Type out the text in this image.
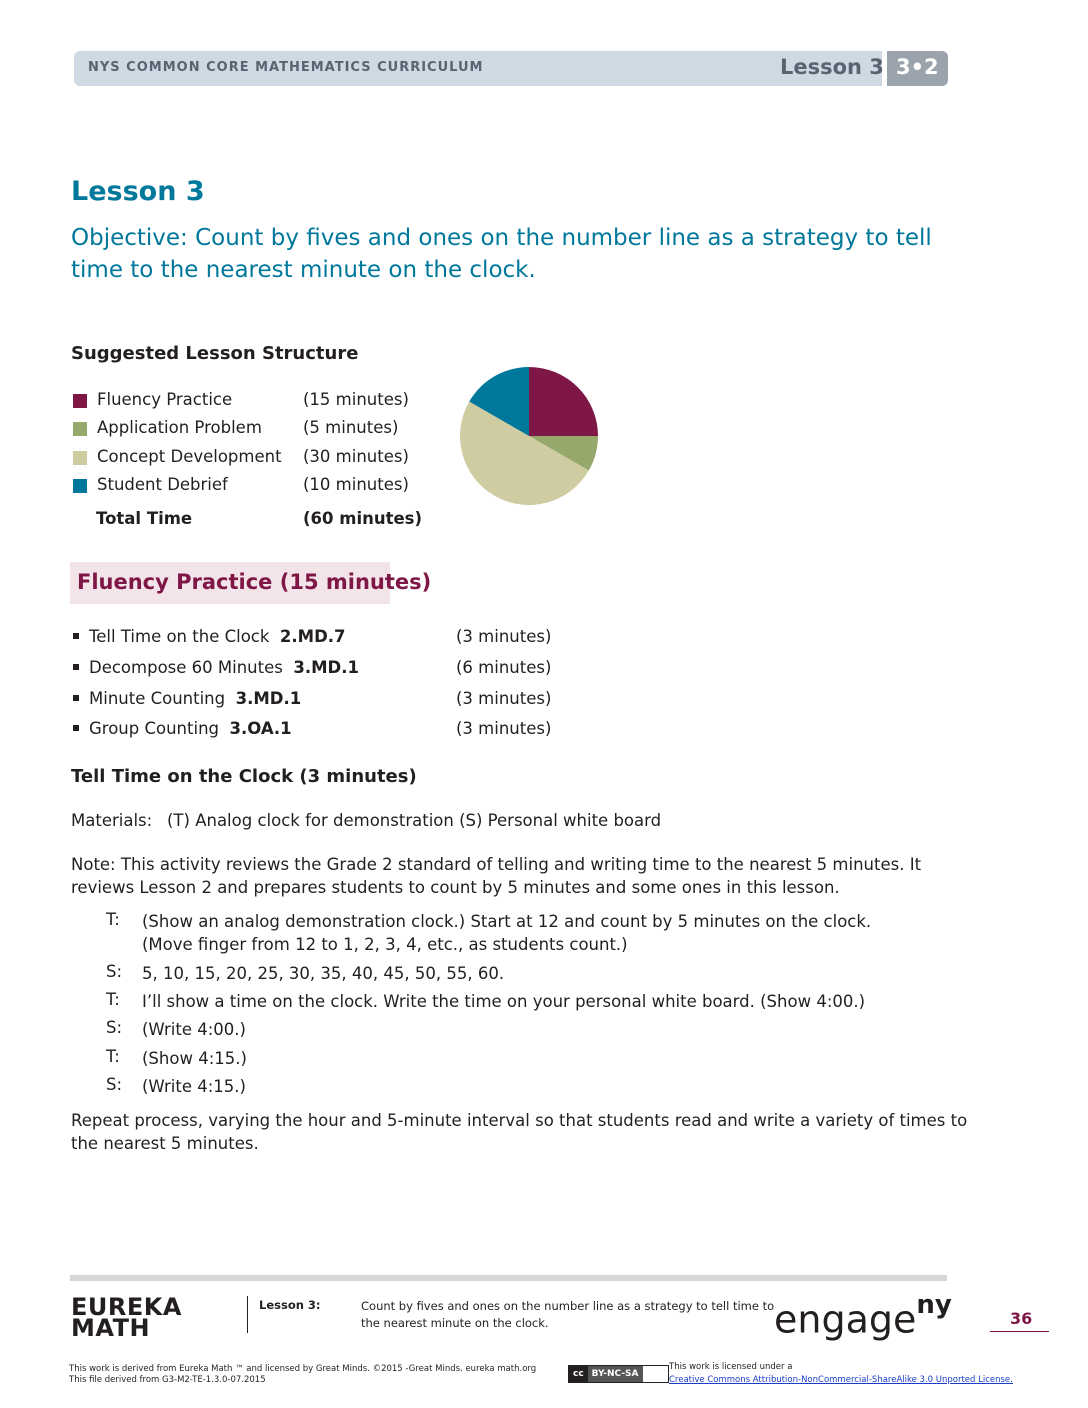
NYS COMMON CORE MATHEMATICS CURRICULUM	Lesson 3 3•2
Lesson 3
Objective: Count by fives and ones on the number line as a strategy to tell time to the nearest minute on the clock.
Suggested Lesson Structure
Fluency Practice	(15 minutes)
Application Problem (5 minutes)
Concept Development (30 minutes)
Student Debrief	(10 minutes)
Total Time	(60 minutes)
Fluency Practice (15 minutes)
Tell Time on the Clock 2.MD.7	(3 minutes)
Decompose 60 Minutes 3.MD.1	(6 minutes)
Minute Counting 3.MD.1	(3 minutes)
Group Counting 3.OA.1	(3 minutes)
Tell Time on the Clock (3 minutes)
Materials: (T) Analog clock for demonstration (S) Personal white board
Note: This activity reviews the Grade 2 standard of telling and writing time to the nearest 5 minutes. It
reviews Lesson 2 and prepares students to count by 5 minutes and some ones in this lesson.
T: (Show an analog demonstration clock.) Start at 12 and count by 5 minutes on the clock.
(Move finger from 12 to 1, 2, 3, 4, etc., as students count.)
S: 5, 10, 15, 20, 25, 30, 35, 40, 45, 50, 55, 60.
T: I’ll show a time on the clock. Write the time on your personal white board. (Show 4:00.)
S: (Write 4:00.)
T: (Show 4:15.)
S: (Write 4:15.)
Repeat process, varying the hour and 5-minute interval so that students read and write a variety of times to
the nearest 5 minutes.
EUREKA
MATH
Lesson 3:	Count by fives and ones on the number line as a strategy to tell time to
the nearest minute on the clock.	engage$^{ny}$	36
This work is derived from Eureka Math ™ and licensed by Great Minds. ©2015 -Great Minds. eureka math.org
This file derived from G3-M2-TE-1.3.0-07.2015
cc BY-NC-SA
This work is licensed under a
Creative Commons Attribution-NonCommercial-ShareAlike 3.0 Unported License.
